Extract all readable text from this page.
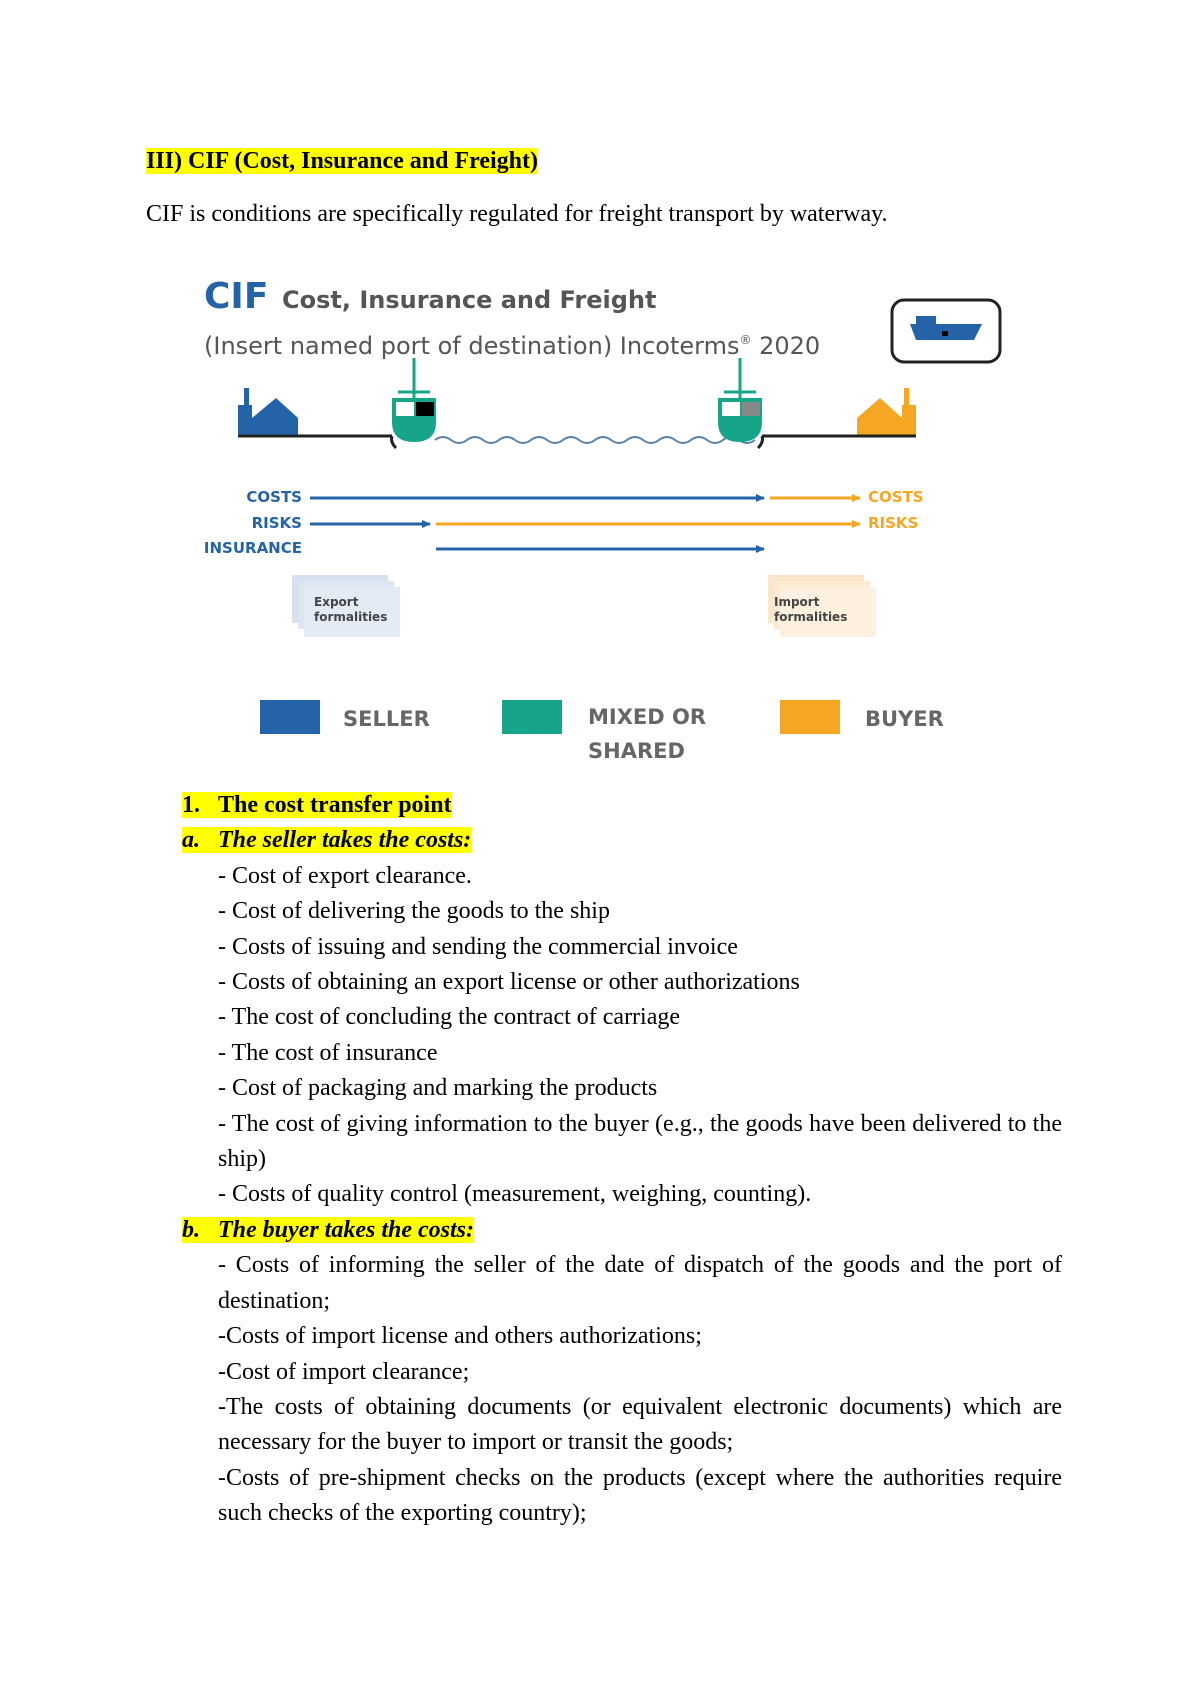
III) CIF (Cost, Insurance and Freight)
CIF is conditions are specifically regulated for freight transport by waterway.
CIF Cost, Insurance and Freight
(Insert named port of destination) Incoterms® 2020
COSTS
RISKS
INSURANCE
COSTS
RISKS
Export
formalities
Import
formalities
SELLER	MIXED OR
SHARED
BUYER

1. The cost transfer point

a. The seller takes the costs:

- Cost of export clearance.
- Cost of delivering the goods to the ship
- Costs of issuing and sending the commercial invoice
- Costs of obtaining an export license or other authorizations
- The cost of concluding the contract of carriage
- The cost of insurance
- Cost of packaging and marking the products
- The cost of giving information to the buyer (e.g., the goods have been delivered to the ship)
- Costs of quality control (measurement, weighing, counting).

b. The buyer takes the costs:

- Costs of informing the seller of the date of dispatch of the goods and the port of destination;
-Costs of import license and others authorizations;
-Cost of import clearance;
-The costs of obtaining documents (or equivalent electronic documents) which are necessary for the buyer to import or transit the goods;
-Costs of pre-shipment checks on the products (except where the authorities require such checks of the exporting country);
